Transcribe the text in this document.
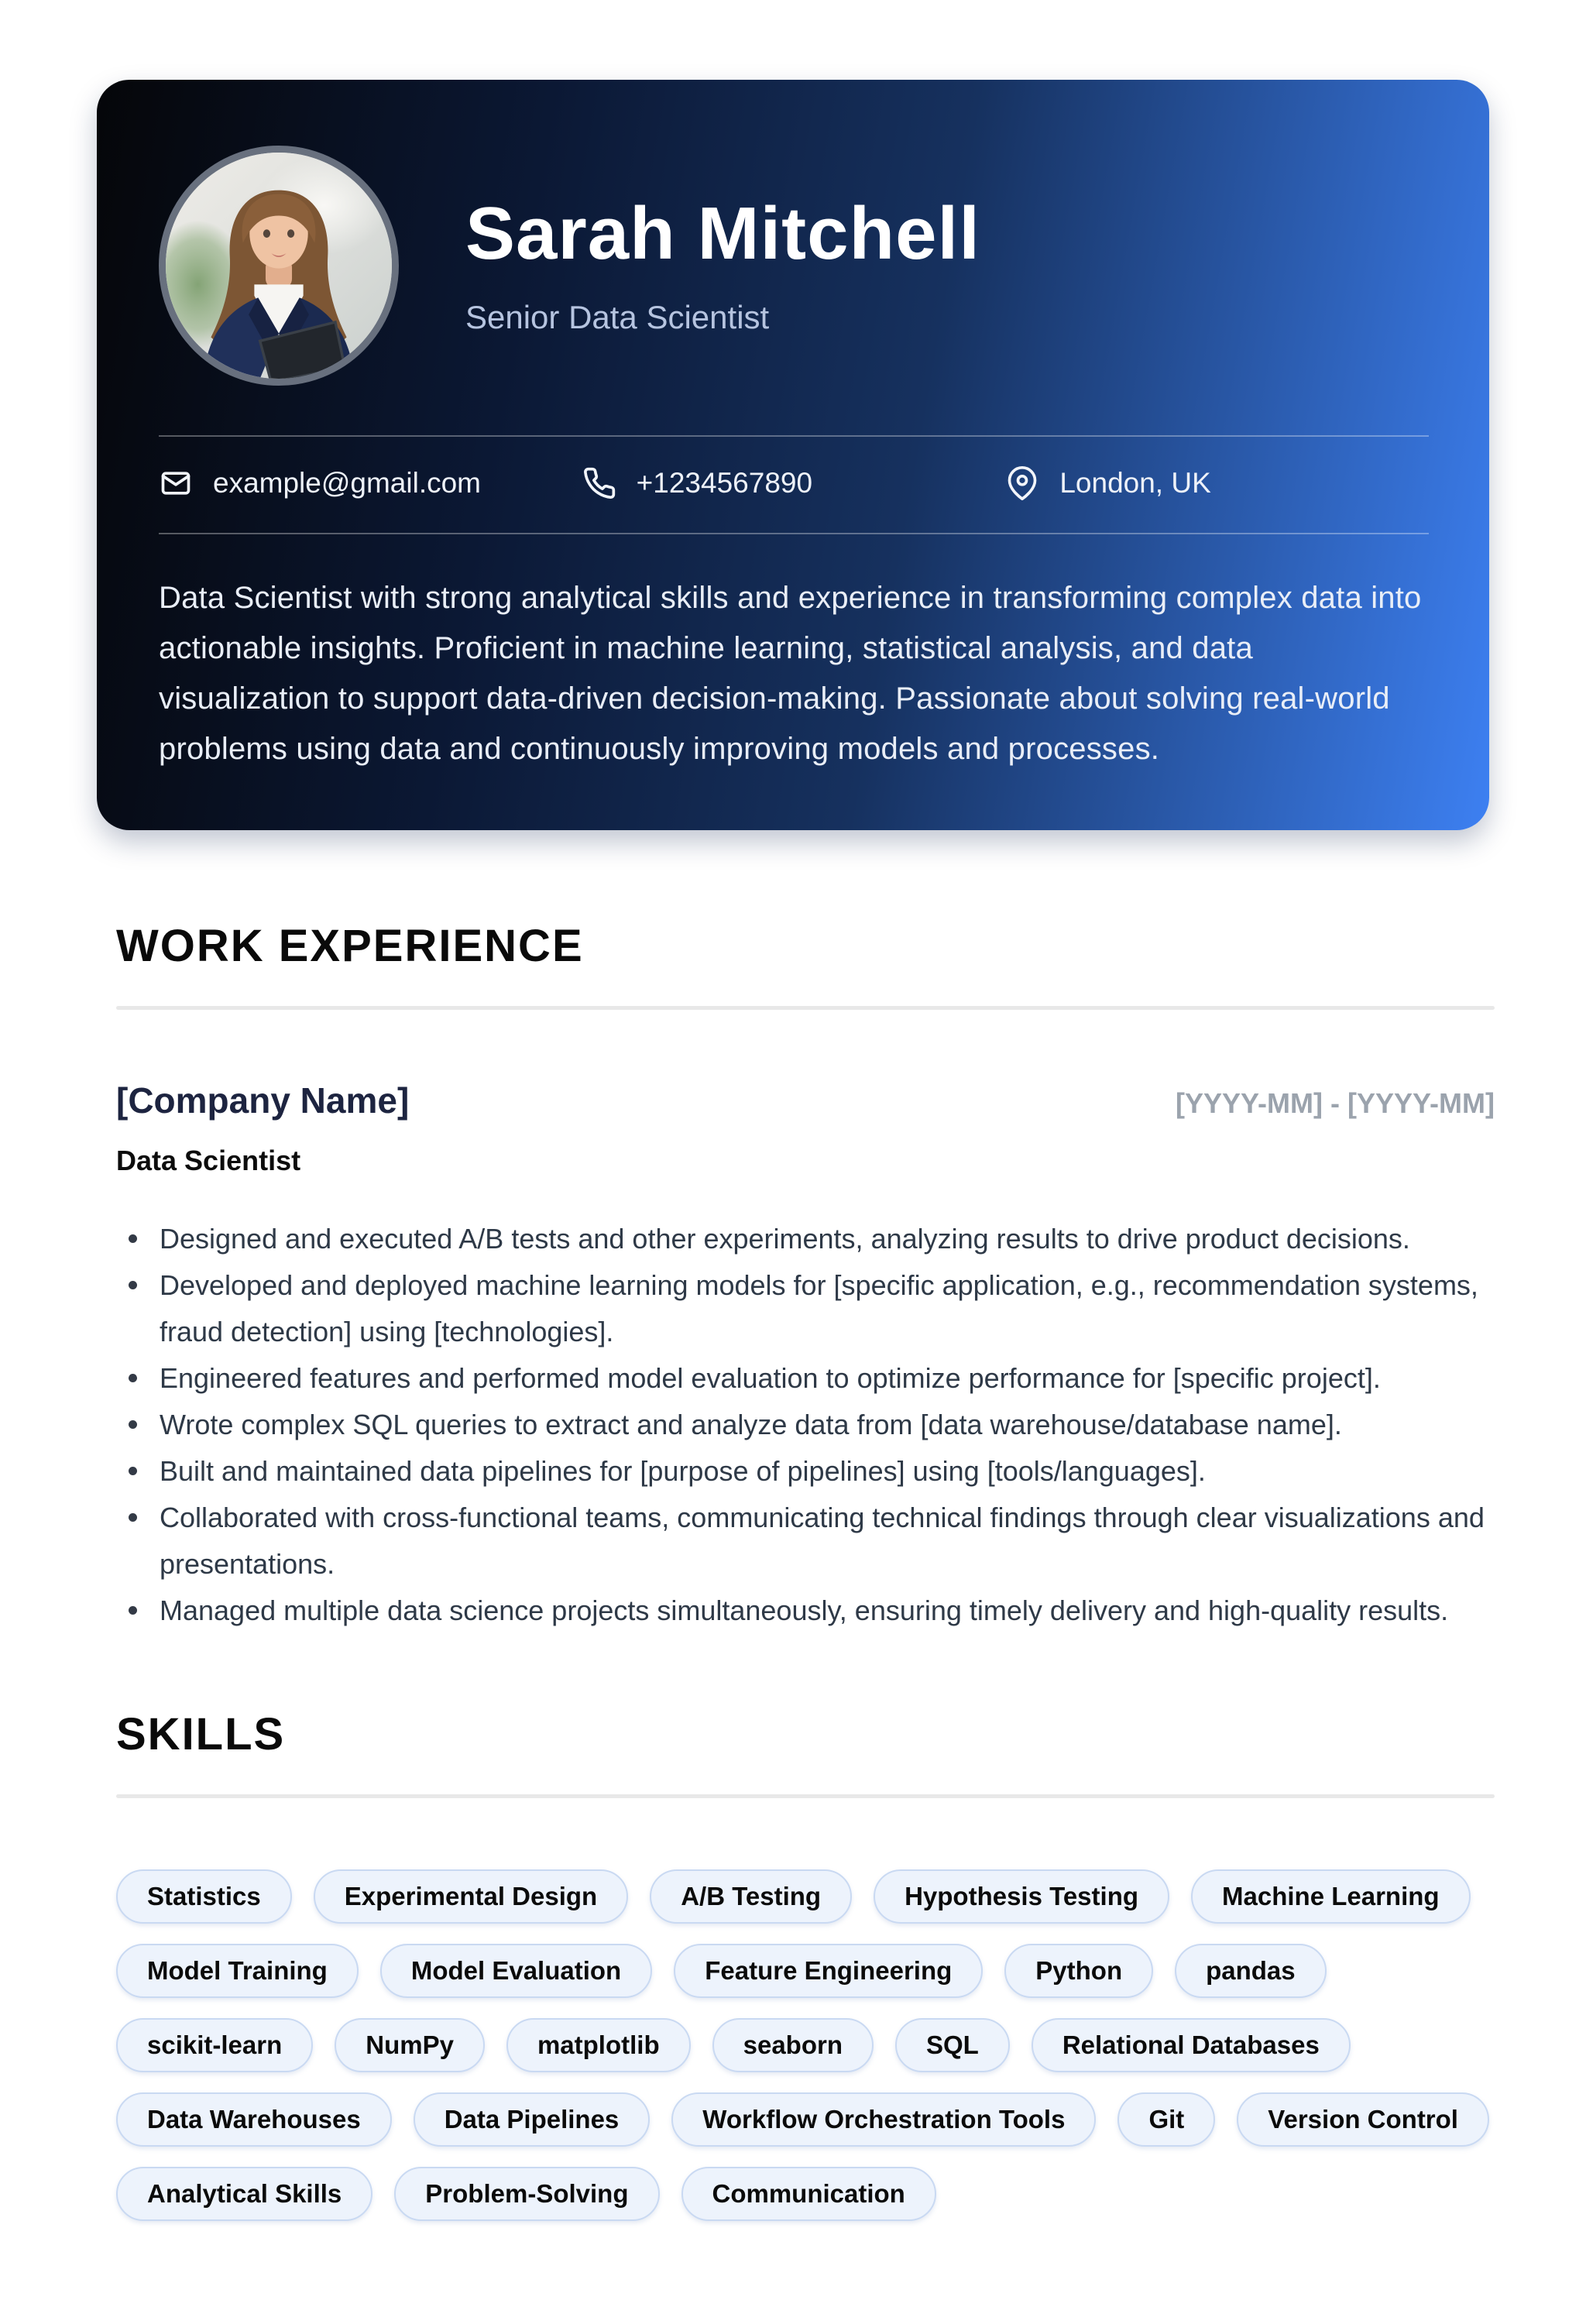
Sarah Mitchell
Senior Data Scientist
example@gmail.com	+1234567890	London, UK

Data Scientist with strong analytical skills and experience in transforming complex data into actionable insights. Proficient in machine learning, statistical analysis, and data visualization to support data-driven decision-making. Passionate about solving real-world problems using data and continuously improving models and processes.

WORK EXPERIENCE
[Company Name]	[YYYY-MM] - [YYYY-MM]
Data Scientist
Designed and executed A/B tests and other experiments, analyzing results to drive product decisions.
Developed and deployed machine learning models for [specific application, e.g., recommendation systems, fraud detection] using [technologies].
Engineered features and performed model evaluation to optimize performance for [specific project].
Wrote complex SQL queries to extract and analyze data from [data warehouse/database name].
Built and maintained data pipelines for [purpose of pipelines] using [tools/languages].
Collaborated with cross-functional teams, communicating technical findings through clear visualizations and presentations.
Managed multiple data science projects simultaneously, ensuring timely delivery and high-quality results.
SKILLS
Statistics	Experimental Design	A/B Testing	Hypothesis Testing	Machine Learning
Model Training	Model Evaluation	Feature Engineering	Python	pandas
scikit-learn	NumPy	matplotlib	seaborn	SQL	Relational Databases
Data Warehouses	Data Pipelines	Workflow Orchestration Tools	Git	Version Control
Analytical Skills	Problem-Solving	Communication
